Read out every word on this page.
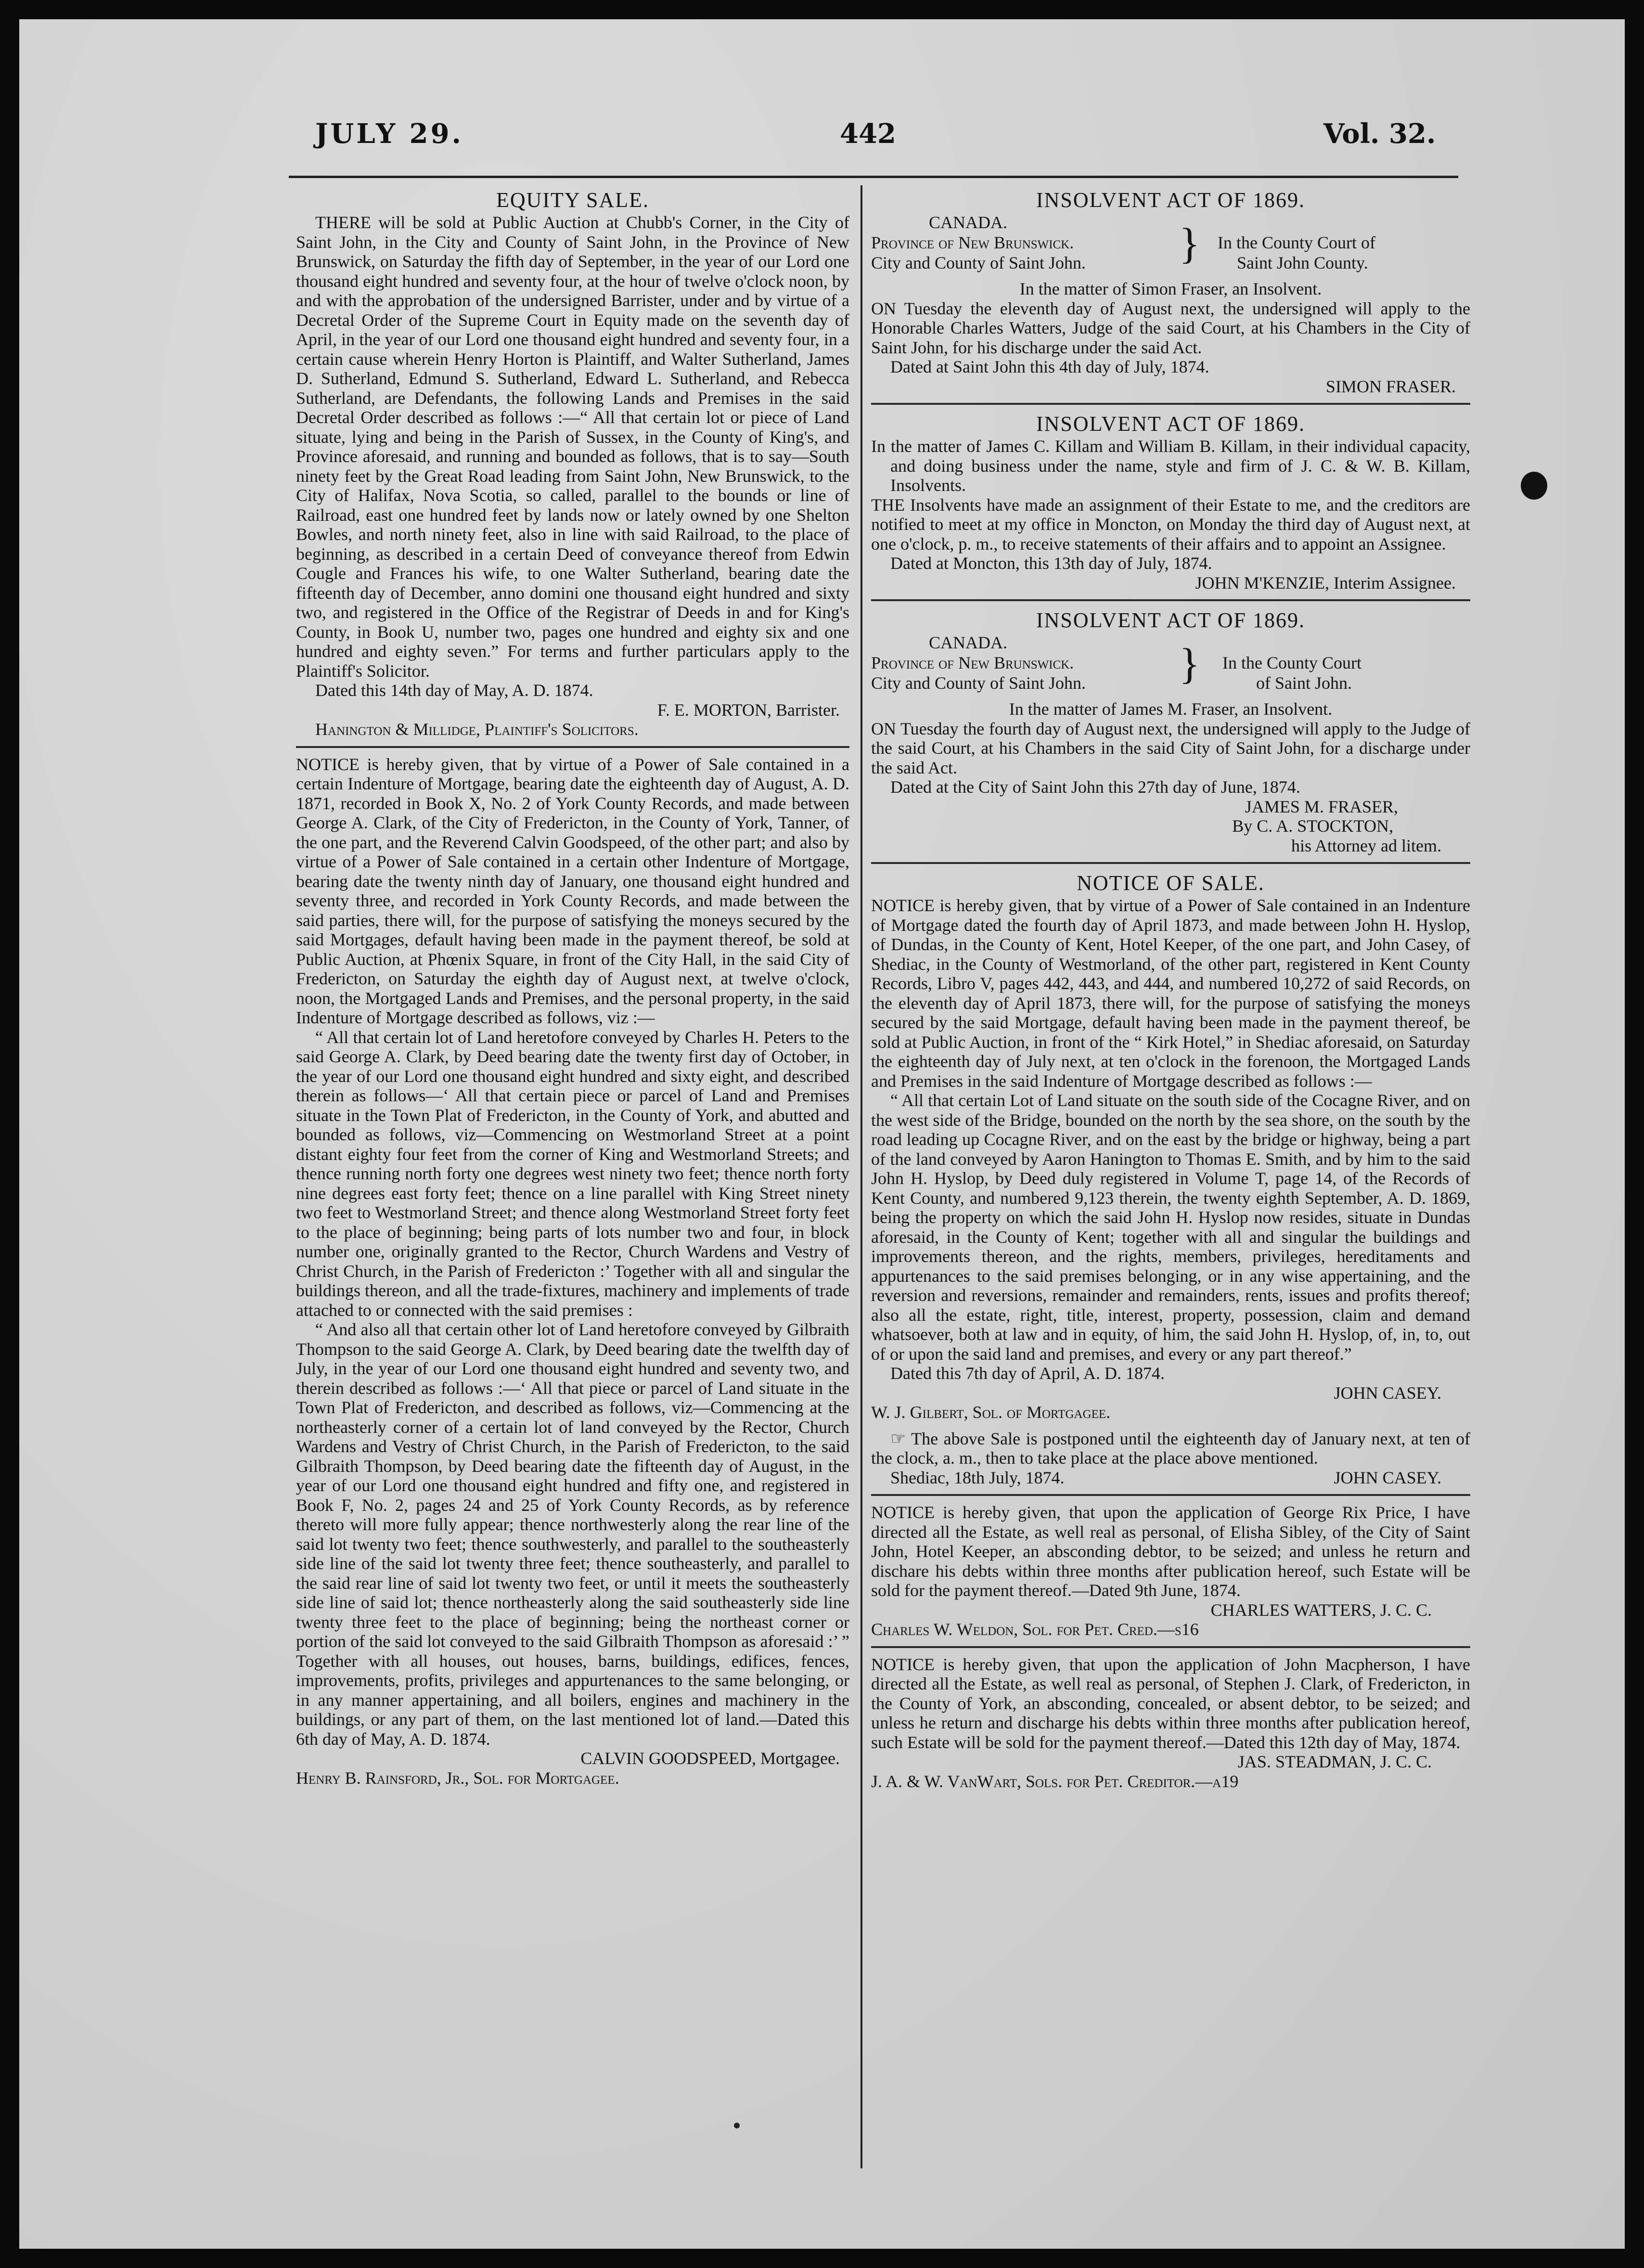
JULY 29.	442	Vol. 32.

EQUITY SALE.

THERE will be sold at Public Auction at Chubb's Corner, in the City of Saint John, in the City and County of Saint John, in the Province of New Brunswick, on Saturday the fifth day of September, in the year of our Lord one thousand eight hundred and seventy four, at the hour of twelve o'clock noon, by and with the approbation of the undersigned Barrister, under and by virtue of a Decretal Order of the Supreme Court in Equity made on the seventh day of April, in the year of our Lord one thousand eight hundred and seventy four, in a certain cause wherein Henry Horton is Plaintiff, and Walter Sutherland, James D. Sutherland, Edmund S. Sutherland, Edward L. Sutherland, and Rebecca Sutherland, are Defendants, the following Lands and Premises in the said Decretal Order described as follows :—“ All that certain lot or piece of Land situate, lying and being in the Parish of Sussex, in the County of King's, and Province aforesaid, and running and bounded as follows, that is to say—South ninety feet by the Great Road leading from Saint John, New Brunswick, to the City of Halifax, Nova Scotia, so called, parallel to the bounds or line of Railroad, east one hundred feet by lands now or lately owned by one Shelton Bowles, and north ninety feet, also in line with said Railroad, to the place of beginning, as described in a certain Deed of conveyance thereof from Edwin Cougle and Frances his wife, to one Walter Sutherland, bearing date the fifteenth day of December, anno domini one thousand eight hundred and sixty two, and registered in the Office of the Registrar of Deeds in and for King's County, in Book U, number two, pages one hundred and eighty six and one hundred and eighty seven.” For terms and further particulars apply to the Plaintiff's Solicitor.

Dated this 14th day of May, A. D. 1874.

F. E. MORTON, Barrister.

Hanington & Millidge, Plaintiff's Solicitors.

NOTICE is hereby given, that by virtue of a Power of Sale contained in a certain Indenture of Mortgage, bearing date the eighteenth day of August, A. D. 1871, recorded in Book X, No. 2 of York County Records, and made between George A. Clark, of the City of Fredericton, in the County of York, Tanner, of the one part, and the Reverend Calvin Goodspeed, of the other part; and also by virtue of a Power of Sale contained in a certain other Indenture of Mortgage, bearing date the twenty ninth day of January, one thousand eight hundred and seventy three, and recorded in York County Records, and made between the said parties, there will, for the purpose of satisfying the moneys secured by the said Mortgages, default having been made in the payment thereof, be sold at Public Auction, at Phœnix Square, in front of the City Hall, in the said City of Fredericton, on Saturday the eighth day of August next, at twelve o'clock, noon, the Mortgaged Lands and Premises, and the personal property, in the said Indenture of Mortgage described as follows, viz :—

“ All that certain lot of Land heretofore conveyed by Charles H. Peters to the said George A. Clark, by Deed bearing date the twenty first day of October, in the year of our Lord one thousand eight hundred and sixty eight, and described therein as follows—‘ All that certain piece or parcel of Land and Premises situate in the Town Plat of Fredericton, in the County of York, and abutted and bounded as follows, viz—Commencing on Westmorland Street at a point distant eighty four feet from the corner of King and Westmorland Streets; and thence running north forty one degrees west ninety two feet; thence north forty nine degrees east forty feet; thence on a line parallel with King Street ninety two feet to Westmorland Street; and thence along Westmorland Street forty feet to the place of beginning; being parts of lots number two and four, in block number one, originally granted to the Rector, Church Wardens and Vestry of Christ Church, in the Parish of Fredericton :’ Together with all and singular the buildings thereon, and all the trade-fixtures, machinery and implements of trade attached to or connected with the said premises :

“ And also all that certain other lot of Land heretofore conveyed by Gilbraith Thompson to the said George A. Clark, by Deed bearing date the twelfth day of July, in the year of our Lord one thousand eight hundred and seventy two, and therein described as follows :—‘ All that piece or parcel of Land situate in the Town Plat of Fredericton, and described as follows, viz—Commencing at the northeasterly corner of a certain lot of land conveyed by the Rector, Church Wardens and Vestry of Christ Church, in the Parish of Fredericton, to the said Gilbraith Thompson, by Deed bearing date the fifteenth day of August, in the year of our Lord one thousand eight hundred and fifty one, and registered in Book F, No. 2, pages 24 and 25 of York County Records, as by reference thereto will more fully appear; thence northwesterly along the rear line of the said lot twenty two feet; thence southwesterly, and parallel to the southeasterly side line of the said lot twenty three feet; thence southeasterly, and parallel to the said rear line of said lot twenty two feet, or until it meets the southeasterly side line of said lot; thence northeasterly along the said southeasterly side line twenty three feet to the place of beginning; being the northeast corner or portion of the said lot conveyed to the said Gilbraith Thompson as aforesaid :’ ” Together with all houses, out houses, barns, buildings, edifices, fences, improvements, profits, privileges and appurtenances to the same belonging, or in any manner appertaining, and all boilers, engines and machinery in the buildings, or any part of them, on the last mentioned lot of land.—Dated this 6th day of May, A. D. 1874.

CALVIN GOODSPEED, Mortgagee.

Henry B. Rainsford, Jr., Sol. for Mortgagee.

INSOLVENT ACT OF 1869.

CANADA.
Province of New Brunswick.
City and County of Saint John. } In the County Court of
Saint John County.

In the matter of Simon Fraser, an Insolvent.

ON Tuesday the eleventh day of August next, the undersigned will apply to the Honorable Charles Watters, Judge of the said Court, at his Chambers in the City of Saint John, for his discharge under the said Act.

Dated at Saint John this 4th day of July, 1874.

SIMON FRASER.

INSOLVENT ACT OF 1869.

In the matter of James C. Killam and William B. Killam, in their individual capacity, and doing business under the name, style and firm of J. C. & W. B. Killam, Insolvents.

THE Insolvents have made an assignment of their Estate to me, and the creditors are notified to meet at my office in Moncton, on Monday the third day of August next, at one o'clock, p. m., to receive statements of their affairs and to appoint an Assignee.

Dated at Moncton, this 13th day of July, 1874.

JOHN M'KENZIE, Interim Assignee.

INSOLVENT ACT OF 1869.

CANADA.
Province of New Brunswick.
City and County of Saint John. } In the County Court
of Saint John.

In the matter of James M. Fraser, an Insolvent.

ON Tuesday the fourth day of August next, the undersigned will apply to the Judge of the said Court, at his Chambers in the said City of Saint John, for a discharge under the said Act.

Dated at the City of Saint John this 27th day of June, 1874.

JAMES M. FRASER,

By C. A. STOCKTON,

his Attorney ad litem.

NOTICE OF SALE.

NOTICE is hereby given, that by virtue of a Power of Sale contained in an Indenture of Mortgage dated the fourth day of April 1873, and made between John H. Hyslop, of Dundas, in the County of Kent, Hotel Keeper, of the one part, and John Casey, of Shediac, in the County of Westmorland, of the other part, registered in Kent County Records, Libro V, pages 442, 443, and 444, and numbered 10,272 of said Records, on the eleventh day of April 1873, there will, for the purpose of satisfying the moneys secured by the said Mortgage, default having been made in the payment thereof, be sold at Public Auction, in front of the “ Kirk Hotel,” in Shediac aforesaid, on Saturday the eighteenth day of July next, at ten o'clock in the forenoon, the Mortgaged Lands and Premises in the said Indenture of Mortgage described as follows :—

“ All that certain Lot of Land situate on the south side of the Cocagne River, and on the west side of the Bridge, bounded on the north by the sea shore, on the south by the road leading up Cocagne River, and on the east by the bridge or highway, being a part of the land conveyed by Aaron Hanington to Thomas E. Smith, and by him to the said John H. Hyslop, by Deed duly registered in Volume T, page 14, of the Records of Kent County, and numbered 9,123 therein, the twenty eighth September, A. D. 1869, being the property on which the said John H. Hyslop now resides, situate in Dundas aforesaid, in the County of Kent; together with all and singular the buildings and improvements thereon, and the rights, members, privileges, hereditaments and appurtenances to the said premises belonging, or in any wise appertaining, and the reversion and reversions, remainder and remainders, rents, issues and profits thereof; also all the estate, right, title, interest, property, possession, claim and demand whatsoever, both at law and in equity, of him, the said John H. Hyslop, of, in, to, out of or upon the said land and premises, and every or any part thereof.”

Dated this 7th day of April, A. D. 1874.

JOHN CASEY.

W. J. Gilbert, Sol. of Mortgagee.

☞ The above Sale is postponed until the eighteenth day of January next, at ten of the clock, a. m., then to take place at the place above mentioned.

Shediac, 18th July, 1874.	JOHN CASEY.

NOTICE is hereby given, that upon the application of George Rix Price, I have directed all the Estate, as well real as personal, of Elisha Sibley, of the City of Saint John, Hotel Keeper, an absconding debtor, to be seized; and unless he return and dischare his debts within three months after publication hereof, such Estate will be sold for the payment thereof.—Dated 9th June, 1874.

CHARLES WATTERS, J. C. C.

Charles W. Weldon, Sol. for Pet. Cred.—s16

NOTICE is hereby given, that upon the application of John Macpherson, I have directed all the Estate, as well real as personal, of Stephen J. Clark, of Fredericton, in the County of York, an absconding, concealed, or absent debtor, to be seized; and unless he return and discharge his debts within three months after publication hereof, such Estate will be sold for the payment thereof.—Dated this 12th day of May, 1874.

JAS. STEADMAN, J. C. C.

J. A. & W. VanWart, Sols. for Pet. Creditor.—a19
